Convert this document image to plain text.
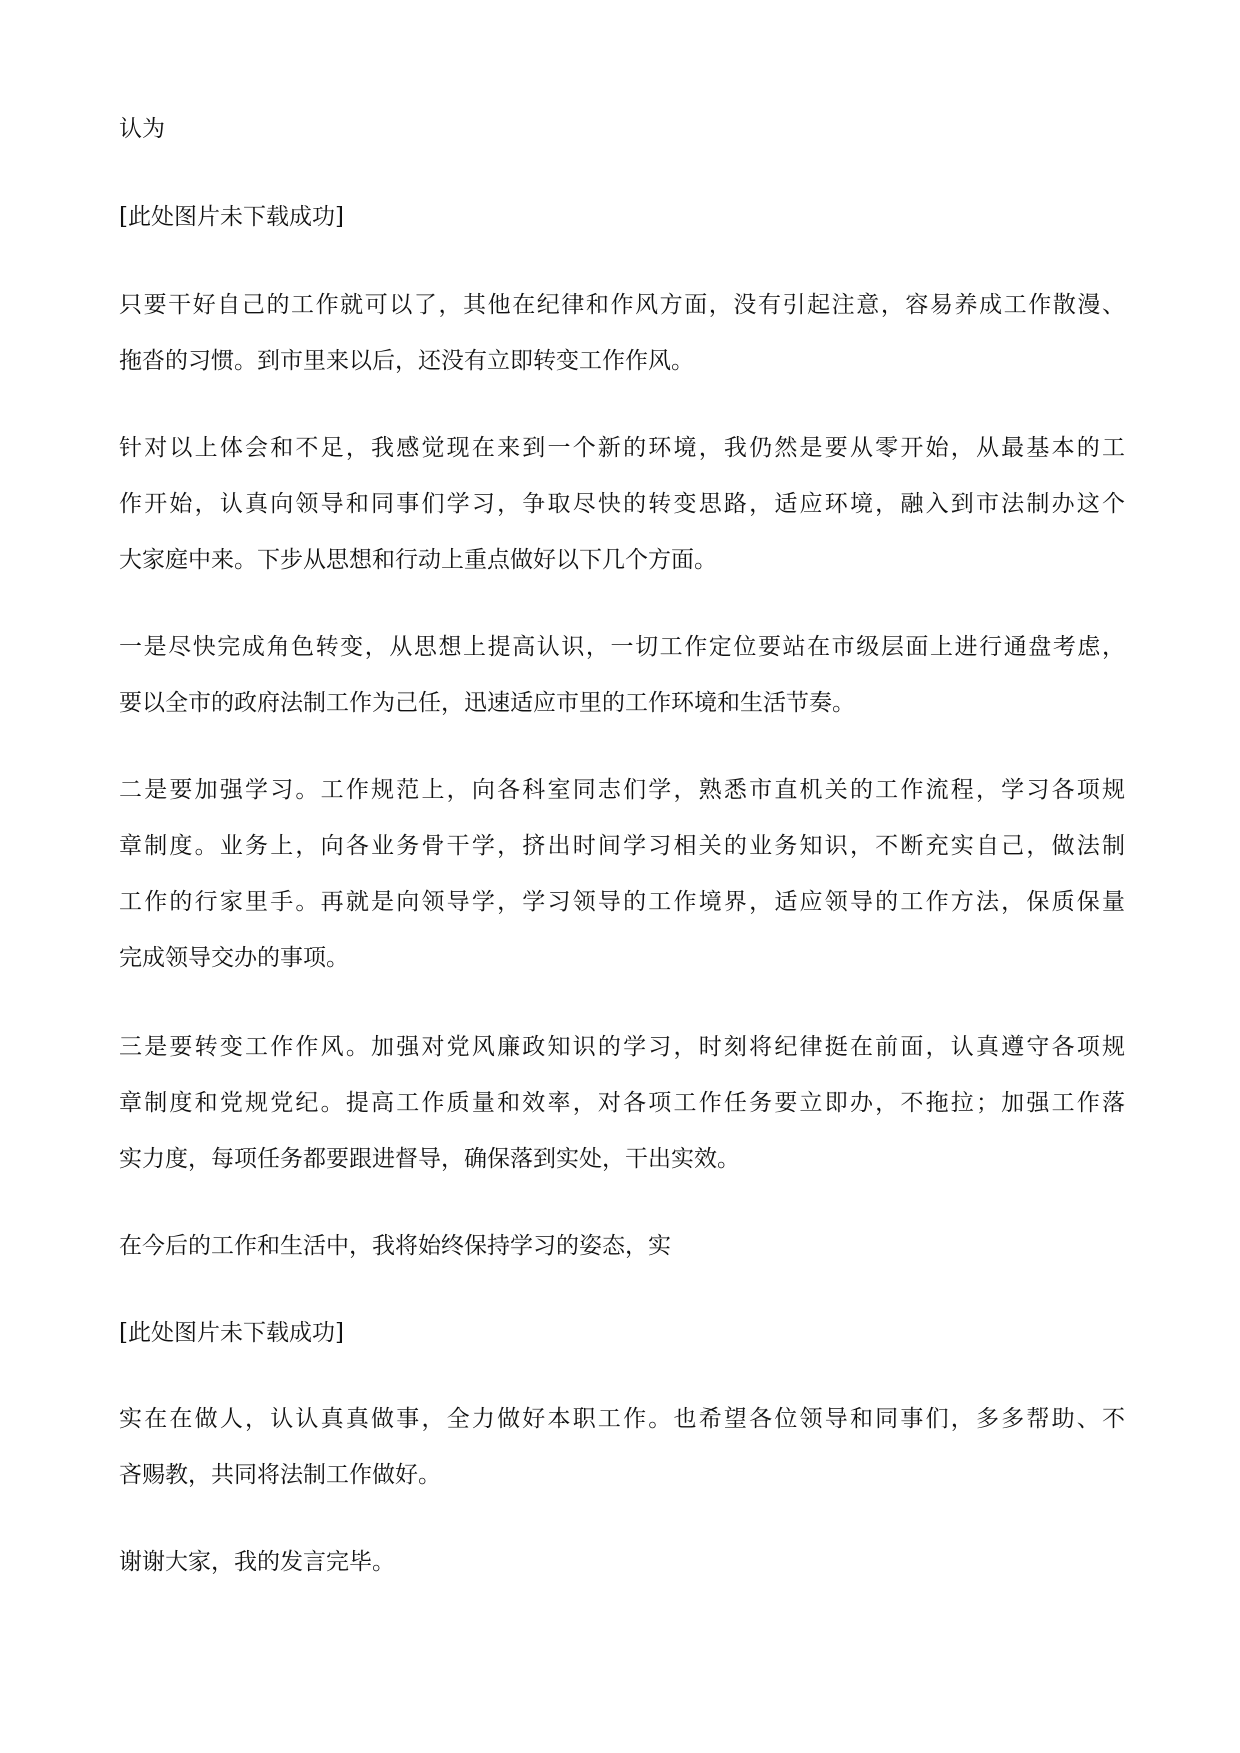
认为

[此处图片未下载成功]

只要干好自己的工作就可以了，其他在纪律和作风方面，没有引起注意，容易养成工作散漫、
拖沓的习惯。到市里来以后，还没有立即转变工作作风。

针对以上体会和不足，我感觉现在来到一个新的环境，我仍然是要从零开始，从最基本的工
作开始，认真向领导和同事们学习，争取尽快的转变思路，适应环境，融入到市法制办这个
大家庭中来。下步从思想和行动上重点做好以下几个方面。

一是尽快完成角色转变，从思想上提高认识，一切工作定位要站在市级层面上进行通盘考虑，
要以全市的政府法制工作为己任，迅速适应市里的工作环境和生活节奏。

二是要加强学习。工作规范上，向各科室同志们学，熟悉市直机关的工作流程，学习各项规
章制度。业务上，向各业务骨干学，挤出时间学习相关的业务知识，不断充实自己，做法制
工作的行家里手。再就是向领导学，学习领导的工作境界，适应领导的工作方法，保质保量
完成领导交办的事项。

三是要转变工作作风。加强对党风廉政知识的学习，时刻将纪律挺在前面，认真遵守各项规
章制度和党规党纪。提高工作质量和效率，对各项工作任务要立即办，不拖拉；加强工作落
实力度，每项任务都要跟进督导，确保落到实处，干出实效。

在今后的工作和生活中，我将始终保持学习的姿态，实

[此处图片未下载成功]

实在在做人，认认真真做事，全力做好本职工作。也希望各位领导和同事们，多多帮助、不
吝赐教，共同将法制工作做好。

谢谢大家，我的发言完毕。
